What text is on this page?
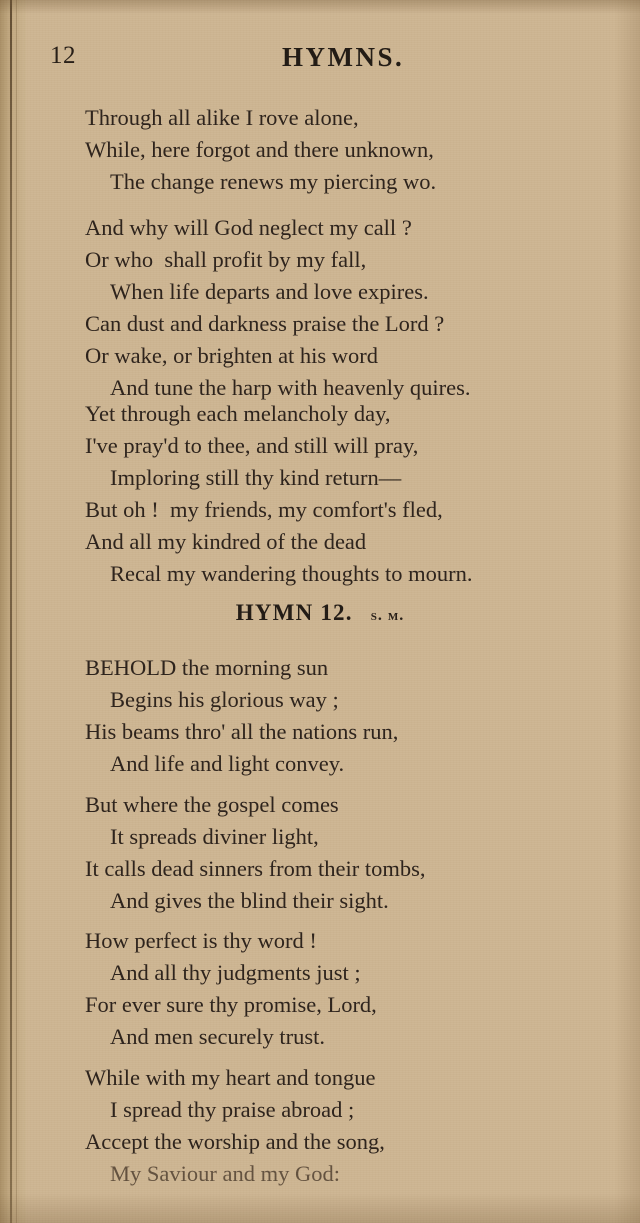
12	HYMNS.
Through all alike I rove alone,
While, here forgot and there unknown,
The change renews my piercing wo.
And why will God neglect my call ?
Or who  shall profit by my fall,
When life departs and love expires.
Can dust and darkness praise the Lord ?
Or wake, or brighten at his word
And tune the harp with heavenly quires.
Yet through each melancholy day,
I've pray'd to thee, and still will pray,
Imploring still thy kind return—
But oh !  my friends, my comfort's fled,
And all my kindred of the dead
Recal my wandering thoughts to mourn.
BEHOLD the morning sun
Begins his glorious way ;
His beams thro' all the nations run,
And life and light convey.
But where the gospel comes
It spreads diviner light,
It calls dead sinners from their tombs,
And gives the blind their sight.
How perfect is thy word !
And all thy judgments just ;
For ever sure thy promise, Lord,
And men securely trust.
While with my heart and tongue
I spread thy praise abroad ;
Accept the worship and the song,
My Saviour and my God:
HYMN 12. s. m.
